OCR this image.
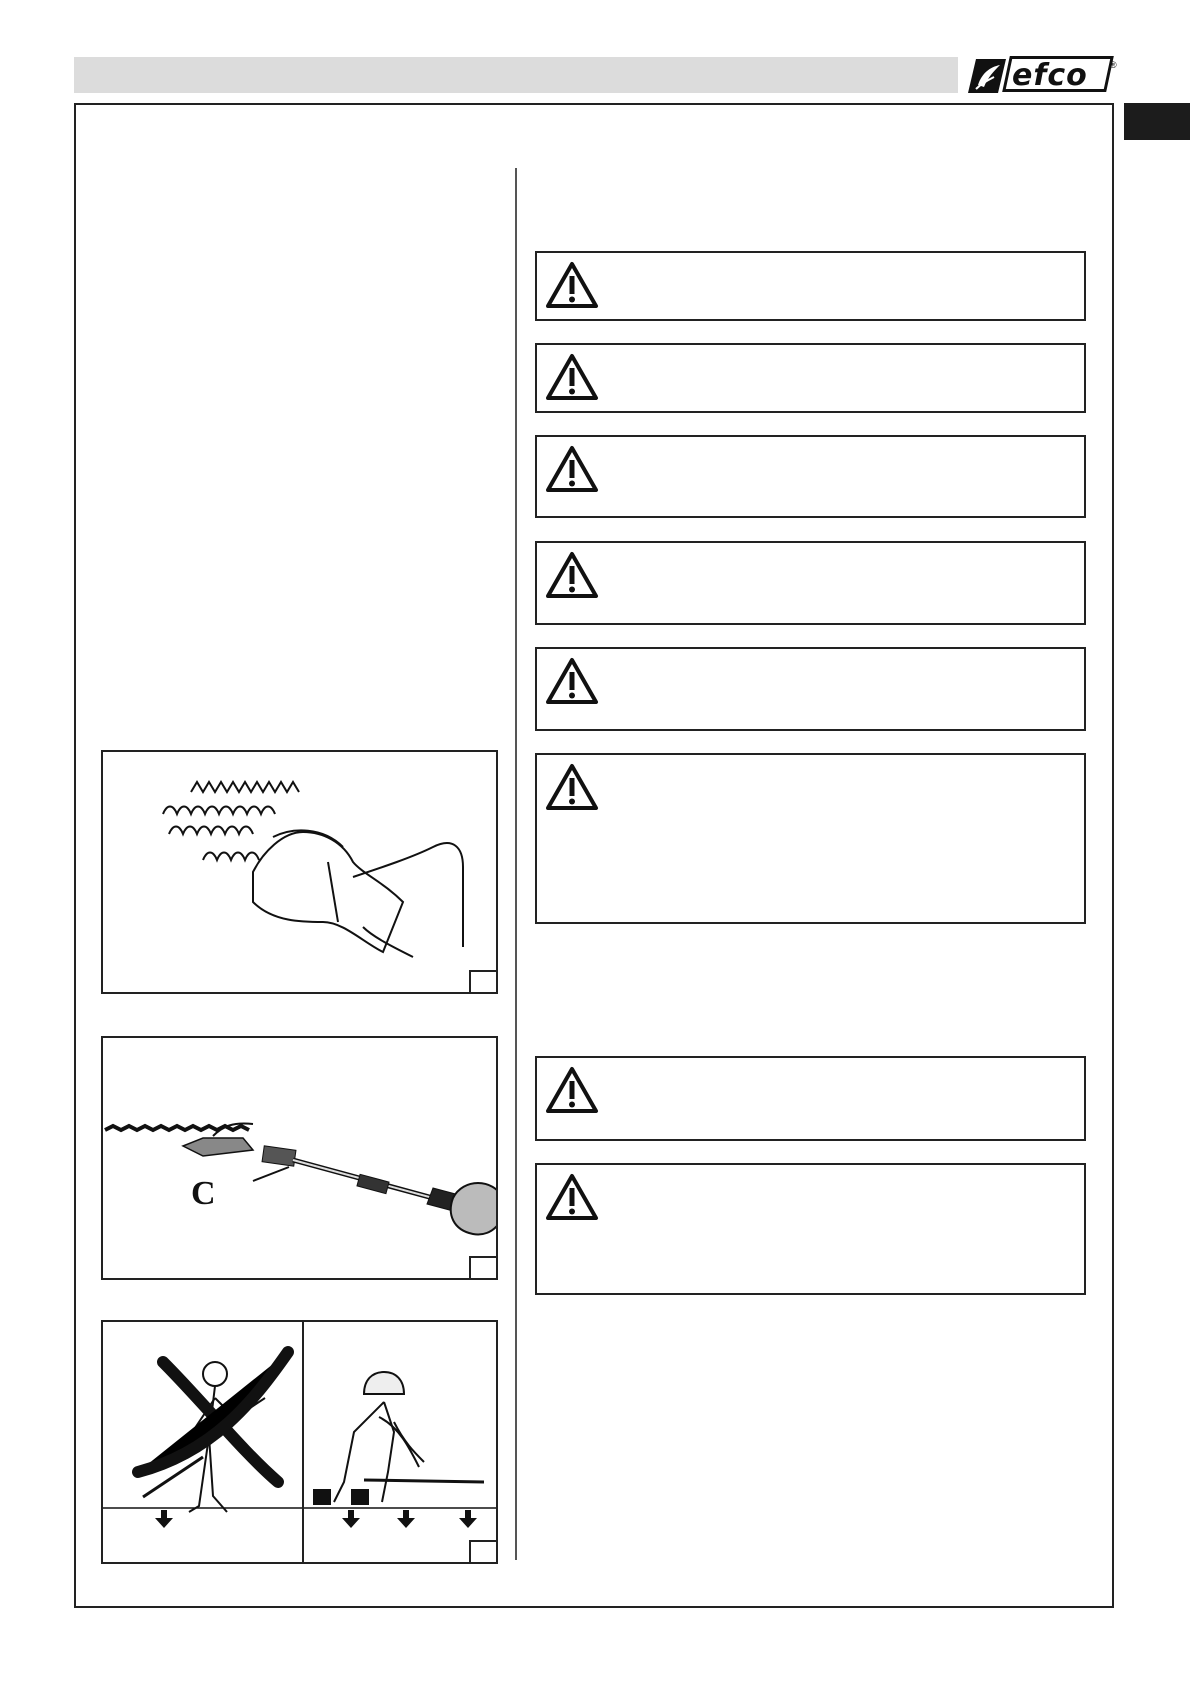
efco ®
C
